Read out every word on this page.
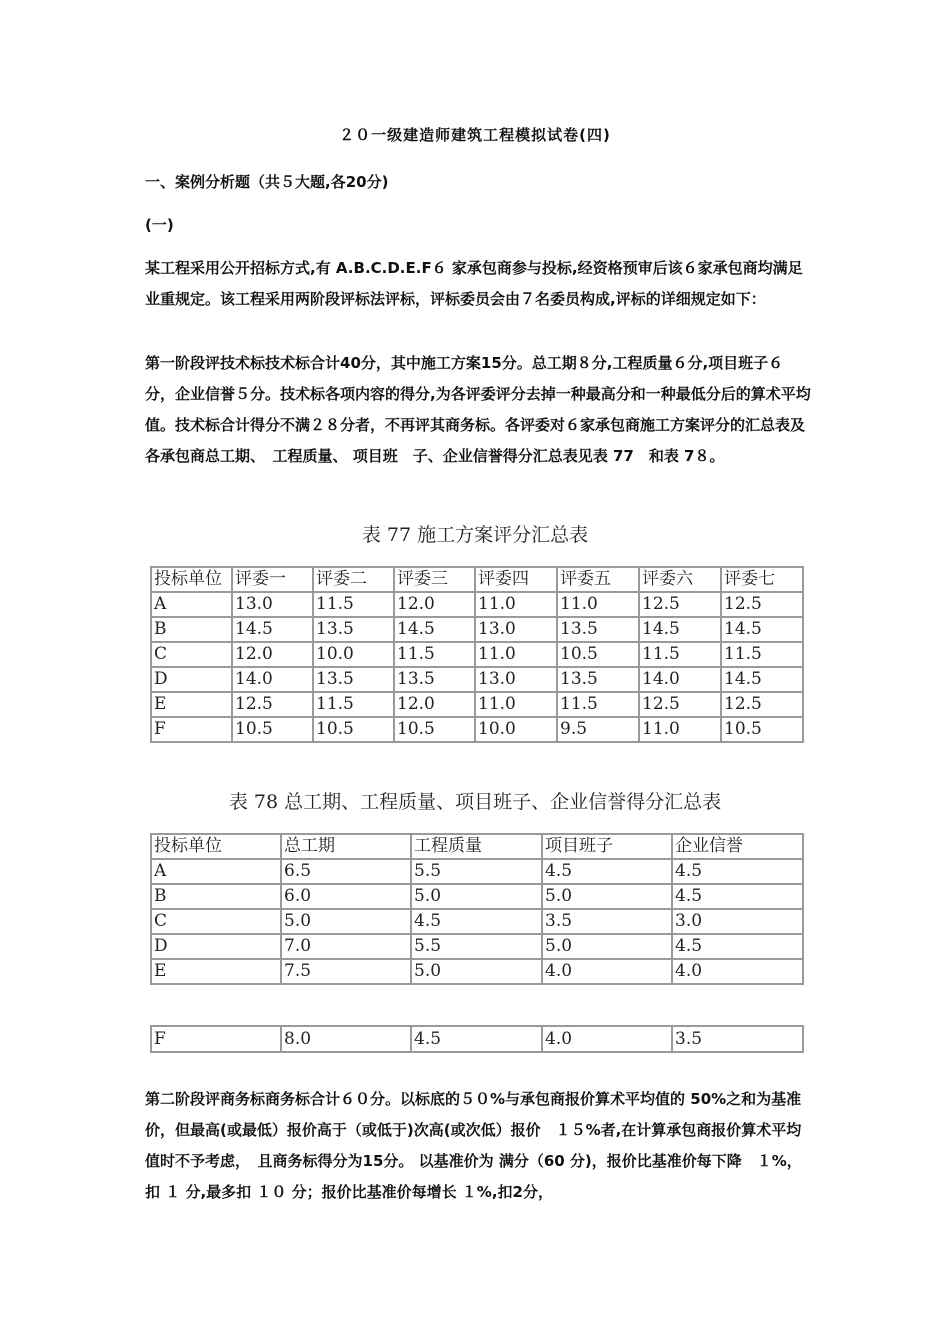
２０一级建造师建筑工程模拟试卷(四)
一、案例分析题（共５大题,各20分)
(一)

某工程采用公开招标方式,有 A.B.C.D.E.F６ 家承包商参与投标,经资格预审后该６家承包商均满足业重规定。该工程采用两阶段评标法评标，评标委员会由７名委员构成,评标的详细规定如下：

第一阶段评技术标技术标合计40分，其中施工方案15分。总工期８分,工程质量６分,项目班子６分，企业信誉５分。技术标各项内容的得分,为各评委评分去掉一种最高分和一种最低分后的算术平均值。技术标合计得分不满２８分者，不再评其商务标。各评委对６家承包商施工方案评分的汇总表及各承包商总工期、　工程质量、 项目班　子、企业信誉得分汇总表见表 77　和表 7８。

表 77 施工方案评分汇总表
投标单位	评委一	评委二	评委三	评委四	评委五	评委六	评委七
A	13.0	11.5	12.0	11.0	11.0	12.5	12.5
B	14.5	13.5	14.5	13.0	13.5	14.5	14.5
C	12.0	10.0	11.5	11.0	10.5	11.5	11.5
D	14.0	13.5	13.5	13.0	13.5	14.0	14.5
E	12.5	11.5	12.0	11.0	11.5	12.5	12.5
F	10.5	10.5	10.5	10.0	9.5	11.0	10.5
表 78 总工期、工程质量、项目班子、企业信誉得分汇总表
投标单位	总工期	工程质量	项目班子	企业信誉
A	6.5	5.5	4.5	4.5
B	6.0	5.0	5.0	4.5
C	5.0	4.5	3.5	3.0
D	7.0	5.5	5.0	4.5
E	7.5	5.0	4.0	4.0
F	8.0	4.5	4.0	3.5

第二阶段评商务标商务标合计６０分。以标底的５０%与承包商报价算术平均值的 50%之和为基准价，但最高(或最低）报价高于（或低于)次高(或次低）报价　１５%者,在计算承包商报价算术平均值时不予考虑，　且商务标得分为15分。 以基准价为 满分（60 分)，报价比基准价每下降　１%，扣 １ 分,最多扣 １０ 分；报价比基准价每增长 １%,扣2分，
